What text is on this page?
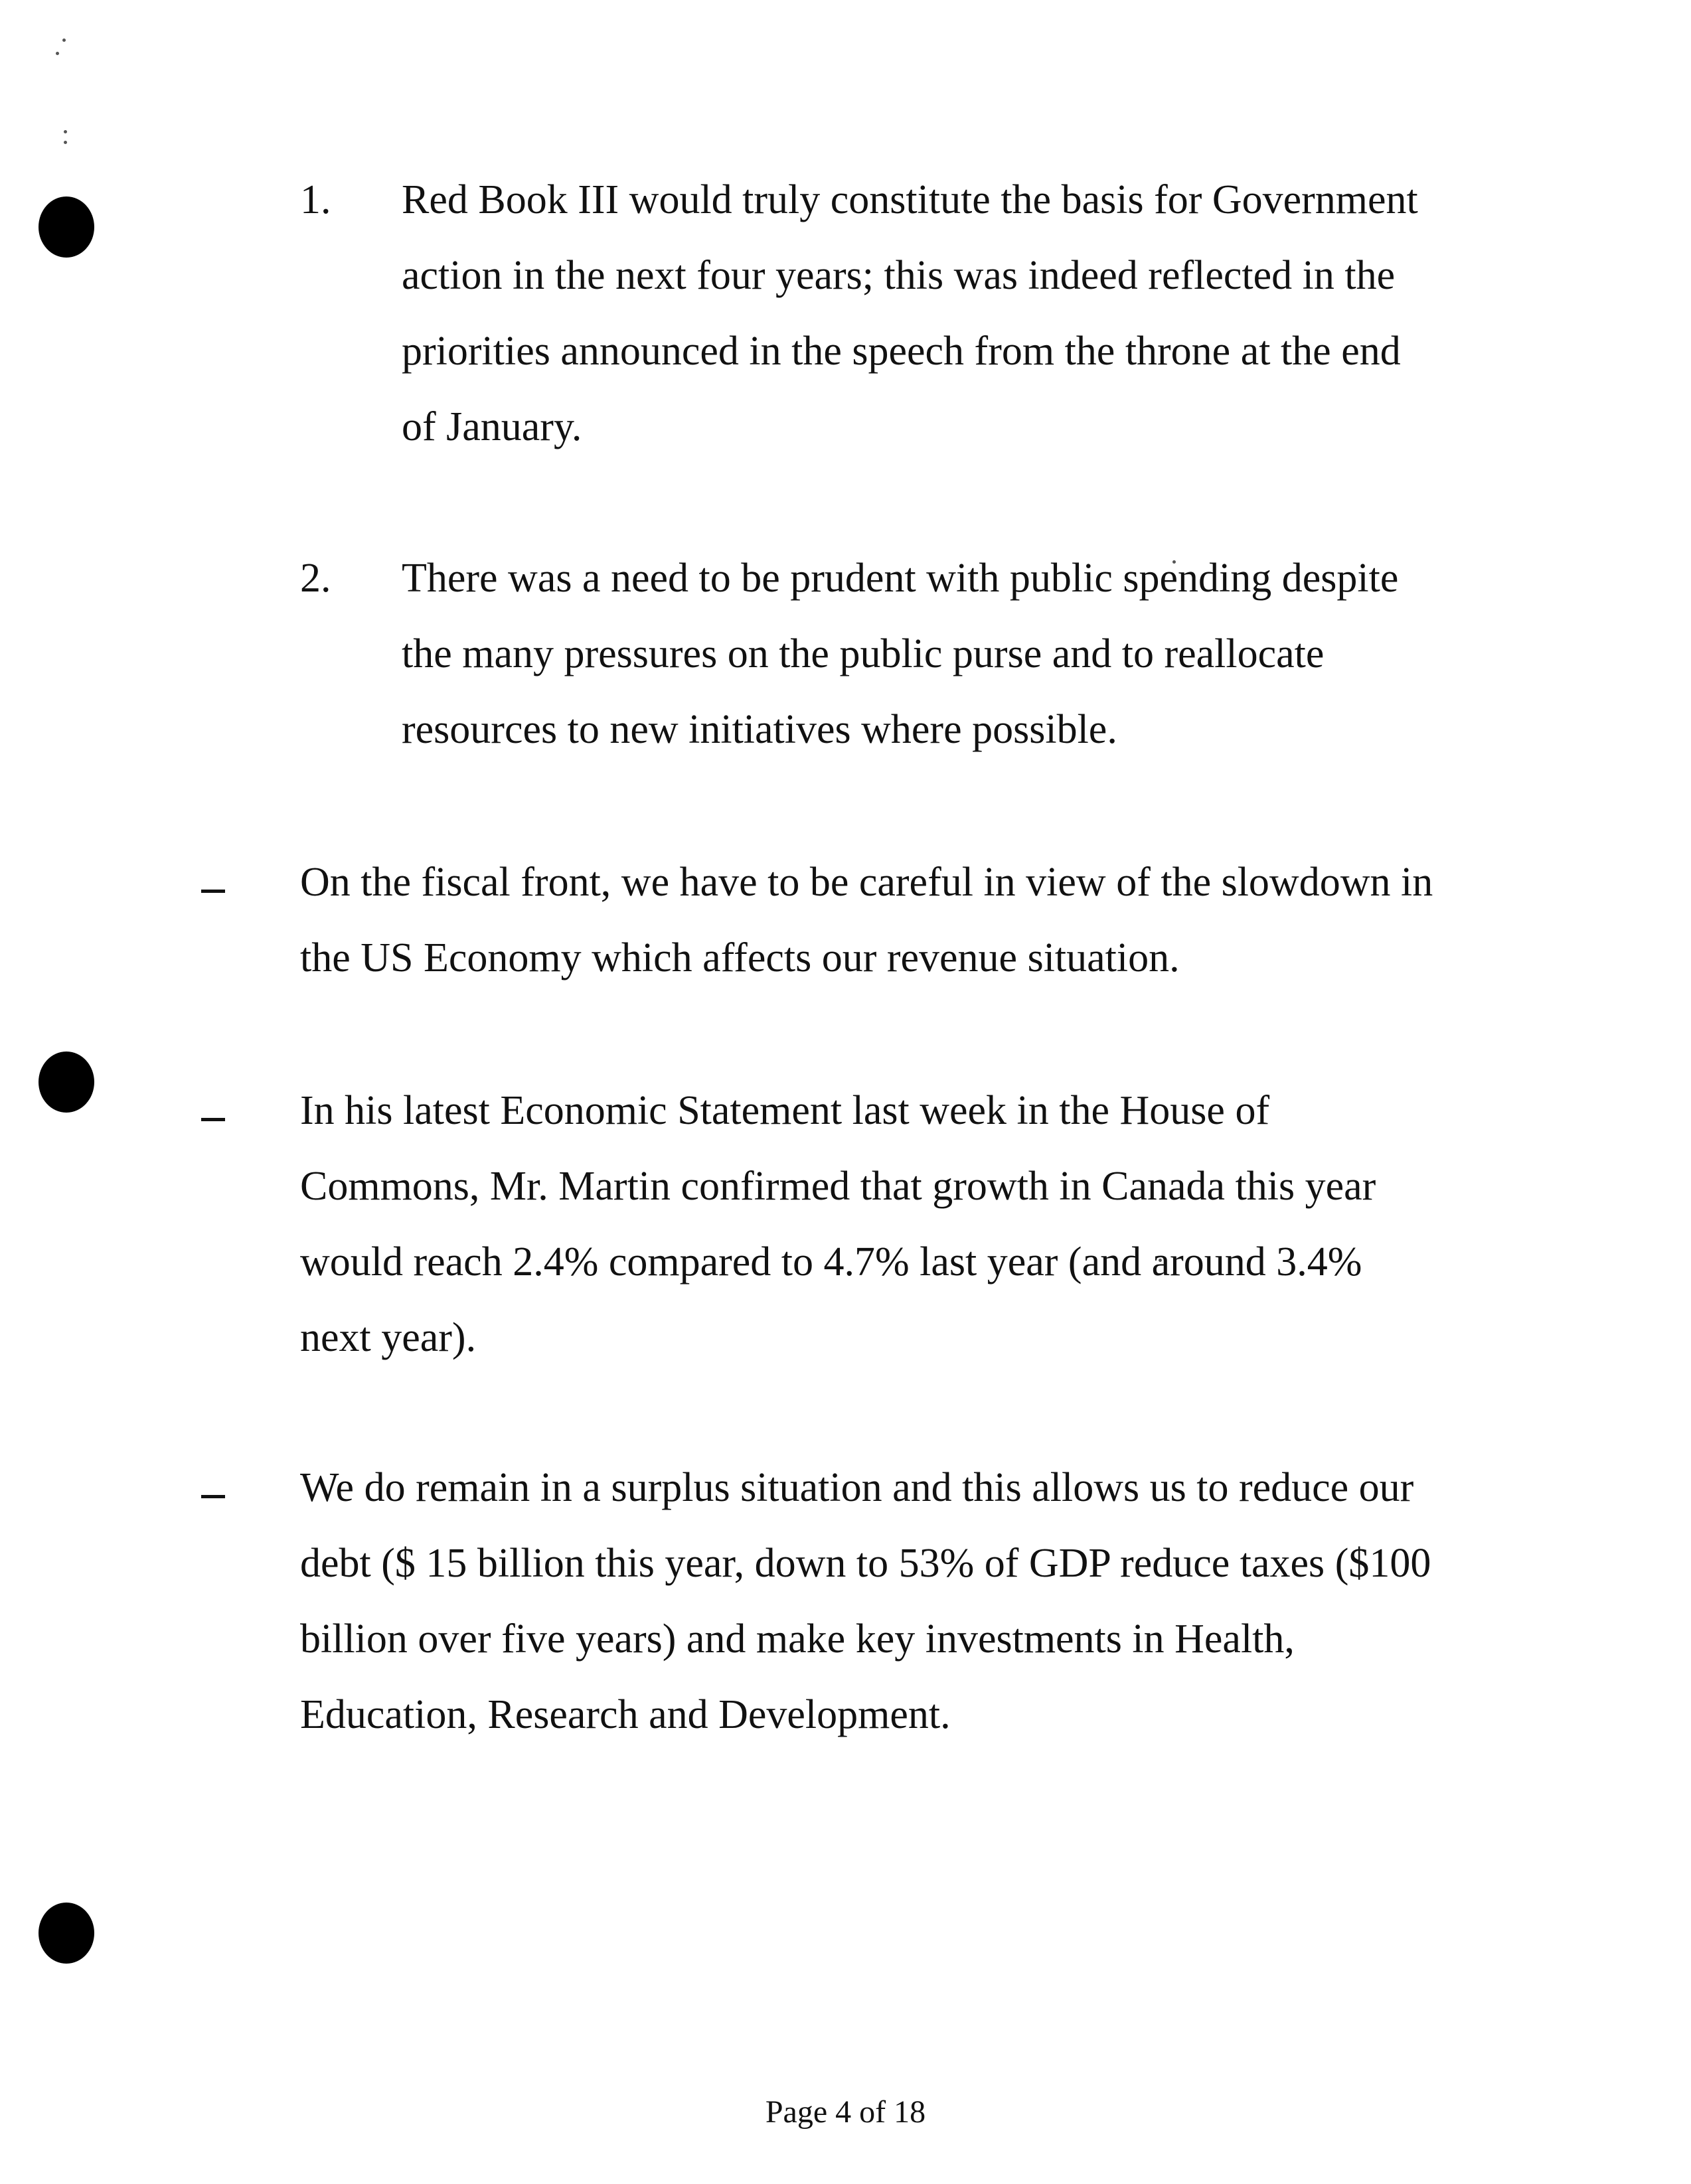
1. Red Book III would truly constitute the basis for Government
action in the next four years; this was indeed reflected in the
priorities announced in the speech from the throne at the end
of January.
2. There was a need to be prudent with public spending despite
the many pressures on the public purse and to reallocate
resources to new initiatives where possible.
On the fiscal front, we have to be careful in view of the slowdown in
the US Economy which affects our revenue situation.
In his latest Economic Statement last week in the House of
Commons, Mr. Martin confirmed that growth in Canada this year
would reach 2.4% compared to 4.7% last year (and around 3.4%
next year).
We do remain in a surplus situation and this allows us to reduce our
debt ($ 15 billion this year, down to 53% of GDP reduce taxes ($100
billion over five years) and make key investments in Health,
Education, Research and Development.
Page 4 of 18
